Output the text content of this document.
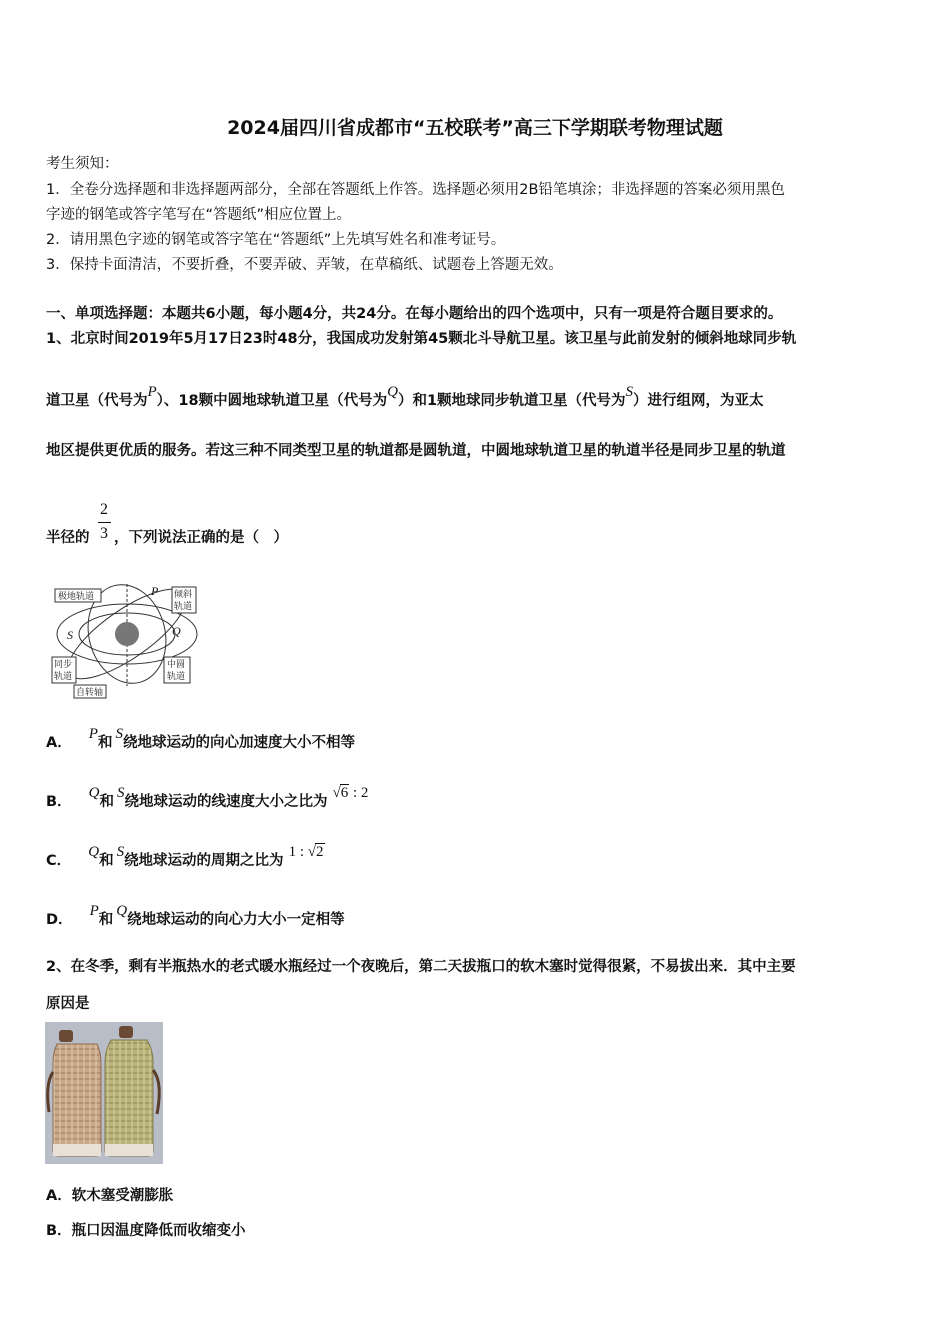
2024届四川省成都市“五校联考”高三下学期联考物理试题
考生须知：
1．全卷分选择题和非选择题两部分，全部在答题纸上作答。选择题必须用2B铅笔填涂；非选择题的答案必须用黑色
字迹的钢笔或答字笔写在“答题纸”相应位置上。
2．请用黑色字迹的钢笔或答字笔在“答题纸”上先填写姓名和准考证号。
3．保持卡面清洁，不要折叠，不要弄破、弄皱，在草稿纸、试题卷上答题无效。
一、单项选择题：本题共6小题，每小题4分，共24分。在每小题给出的四个选项中，只有一项是符合题目要求的。
1、北京时间2019年5月17日23时48分，我国成功发射第45颗北斗导航卫星。该卫星与此前发射的倾斜地球同步轨
道卫星（代号为P）、18颗中圆地球轨道卫星（代号为Q）和1颗地球同步轨道卫星（代号为S）进行组网，为亚太
地区提供更优质的服务。若这三种不同类型卫星的轨道都是圆轨道，中圆地球轨道卫星的轨道半径是同步卫星的轨道
半径的
2
3 ，下列说法正确的是（　）
极地轨道	倾斜
轨道
同步
轨道
中圆
轨道
自转轴
P
S	Q
A． P和S绕地球运动的向心加速度大小不相等
B． Q和S绕地球运动的线速度大小之比为 √6 : 2
C． Q和S绕地球运动的周期之比为 1 : √2
D． P和Q绕地球运动的向心力大小一定相等
2、在冬季，剩有半瓶热水的老式暖水瓶经过一个夜晚后，第二天拔瓶口的软木塞时觉得很紧，不易拔出来．其中主要
原因是
A．软木塞受潮膨胀
B．瓶口因温度降低而收缩变小
